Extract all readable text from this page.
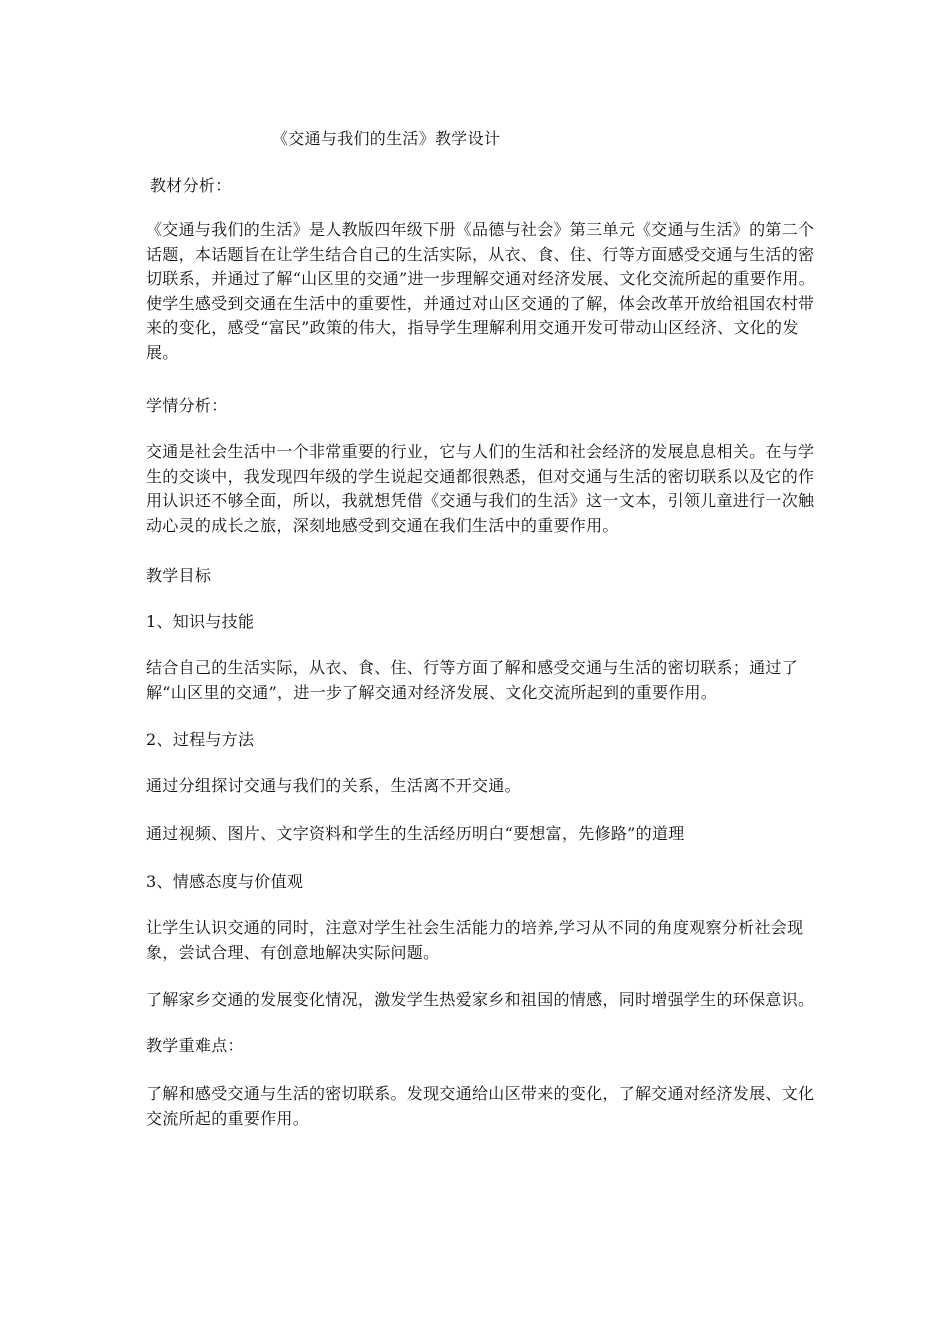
《交通与我们的生活》教学设计

教材分析：

《交通与我们的生活》是人教版四年级下册《品德与社会》第三单元《交通与生活》的第二个话题，本话题旨在让学生结合自己的生活实际，从衣、食、住、行等方面感受交通与生活的密切联系，并通过了解“山区里的交通”进一步理解交通对经济发展、文化交流所起的重要作用。使学生感受到交通在生活中的重要性，并通过对山区交通的了解，体会改革开放给祖国农村带来的变化，感受“富民”政策的伟大，指导学生理解利用交通开发可带动山区经济、文化的发展。

学情分析：

交通是社会生活中一个非常重要的行业，它与人们的生活和社会经济的发展息息相关。在与学生的交谈中，我发现四年级的学生说起交通都很熟悉，但对交通与生活的密切联系以及它的作用认识还不够全面，所以，我就想凭借《交通与我们的生活》这一文本，引领儿童进行一次触动心灵的成长之旅，深刻地感受到交通在我们生活中的重要作用。

教学目标

1、知识与技能

结合自己的生活实际，从衣、食、住、行等方面了解和感受交通与生活的密切联系；通过了解“山区里的交通”，进一步了解交通对经济发展、文化交流所起到的重要作用。

2、过程与方法

通过分组探讨交通与我们的关系，生活离不开交通。

通过视频、图片、文字资料和学生的生活经历明白“要想富，先修路”的道理

3、情感态度与价值观

让学生认识交通的同时，注意对学生社会生活能力的培养,学习从不同的角度观察分析社会现象，尝试合理、有创意地解决实际问题。

了解家乡交通的发展变化情况，激发学生热爱家乡和祖国的情感，同时增强学生的环保意识。

教学重难点：

了解和感受交通与生活的密切联系。发现交通给山区带来的变化，了解交通对经济发展、文化交流所起的重要作用。
